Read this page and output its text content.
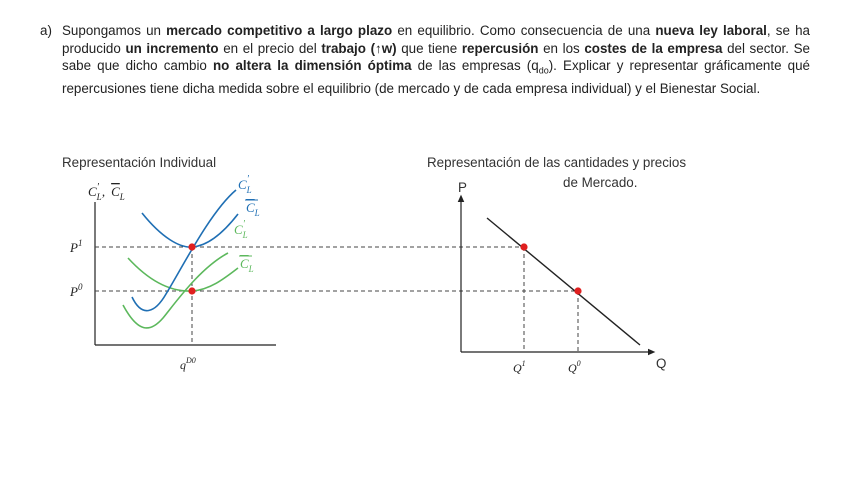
a) Supongamos un mercado competitivo a largo plazo en equilibrio. Como consecuencia de una nueva ley laboral, se ha producido un incremento en el precio del trabajo (↑w) que tiene repercusión en los costes de la empresa del sector. Se sabe que dicho cambio no altera la dimensión óptima de las empresas $(q_{do})$. Explicar y representar gráficamente qué repercusiones tiene dicha medida sobre el equilibrio (de mercado y de cada empresa individual) y el Bienestar Social.
Representación Individual
$C_L'$ , $C_L$
$P^1$
$P^0$
$q^{D0}$
$C_L'$
$C_L$
$C_L'$
$C_L$
Representación de las cantidades y precios
de Mercado.
P
Q
$Q^1$	$Q^0$
